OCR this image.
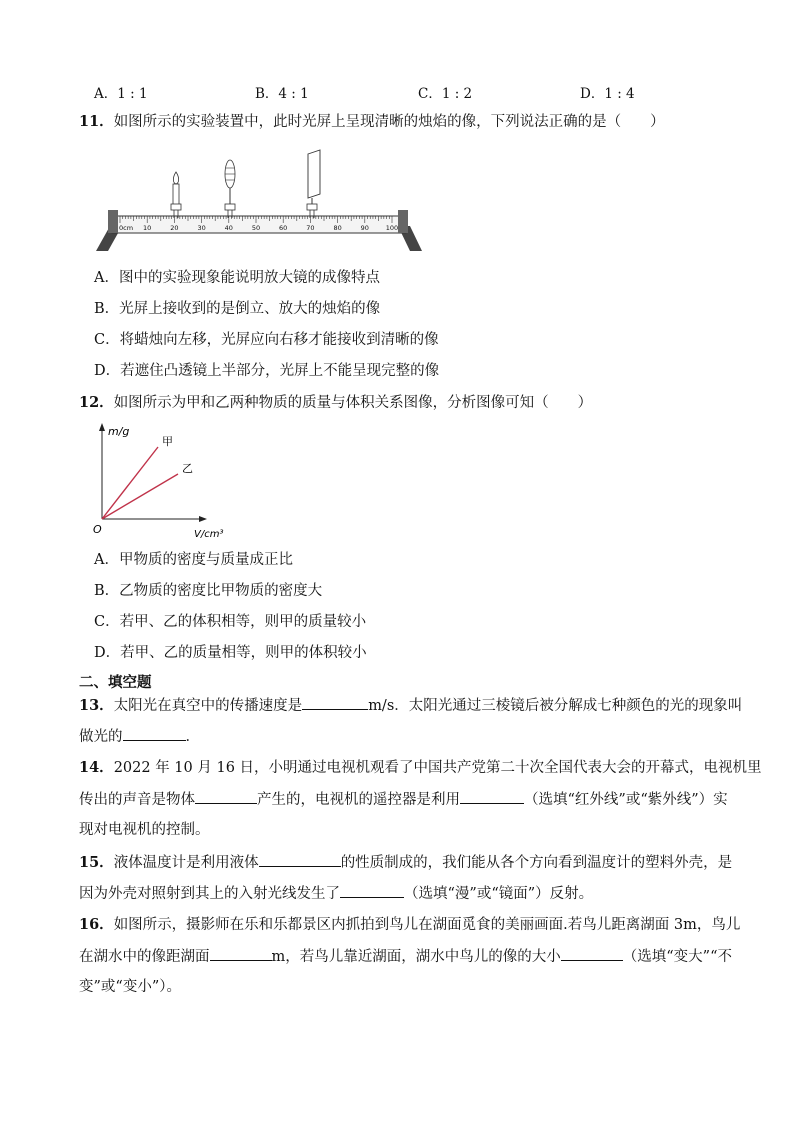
A．1 : 1	B．4 : 1	C．1 : 2	D．1 : 4
11．如图所示的实验装置中，此时光屏上呈现清晰的烛焰的像，下列说法正确的是（　　）
0cm 10	20	30	40	50	60	70	80	90	100
A．图中的实验现象能说明放大镜的成像特点
B．光屏上接收到的是倒立、放大的烛焰的像
C．将蜡烛向左移，光屏应向右移才能接收到清晰的像
D．若遮住凸透镜上半部分，光屏上不能呈现完整的像
12．如图所示为甲和乙两种物质的质量与体积关系图像，分析图像可知（　　）
m/g
甲
乙
O	V/cm³
A．甲物质的密度与质量成正比
B．乙物质的密度比甲物质的密度大
C．若甲、乙的体积相等，则甲的质量较小
D．若甲、乙的质量相等，则甲的体积较小
二、填空题
13．太阳光在真空中的传播速度是	m/s．太阳光通过三棱镜后被分解成七种颜色的光的现象叫
做光的	．
14．2022 年 10 月 16 日，小明通过电视机观看了中国共产党第二十次全国代表大会的开幕式，电视机里
传出的声音是物体	产生的，电视机的遥控器是利用	（选填“红外线”或“紫外线”）实
现对电视机的控制。
15．液体温度计是利用液体	的性质制成的，我们能从各个方向看到温度计的塑料外壳，是
因为外壳对照射到其上的入射光线发生了	（选填“漫”或“镜面”）反射。
16．如图所示，摄影师在乐和乐都景区内抓拍到鸟儿在湖面觅食的美丽画面.若鸟儿距离湖面 3m，鸟儿
在湖水中的像距湖面	m，若鸟儿靠近湖面，湖水中鸟儿的像的大小	（选填“变大”“不
变”或“变小”）。
